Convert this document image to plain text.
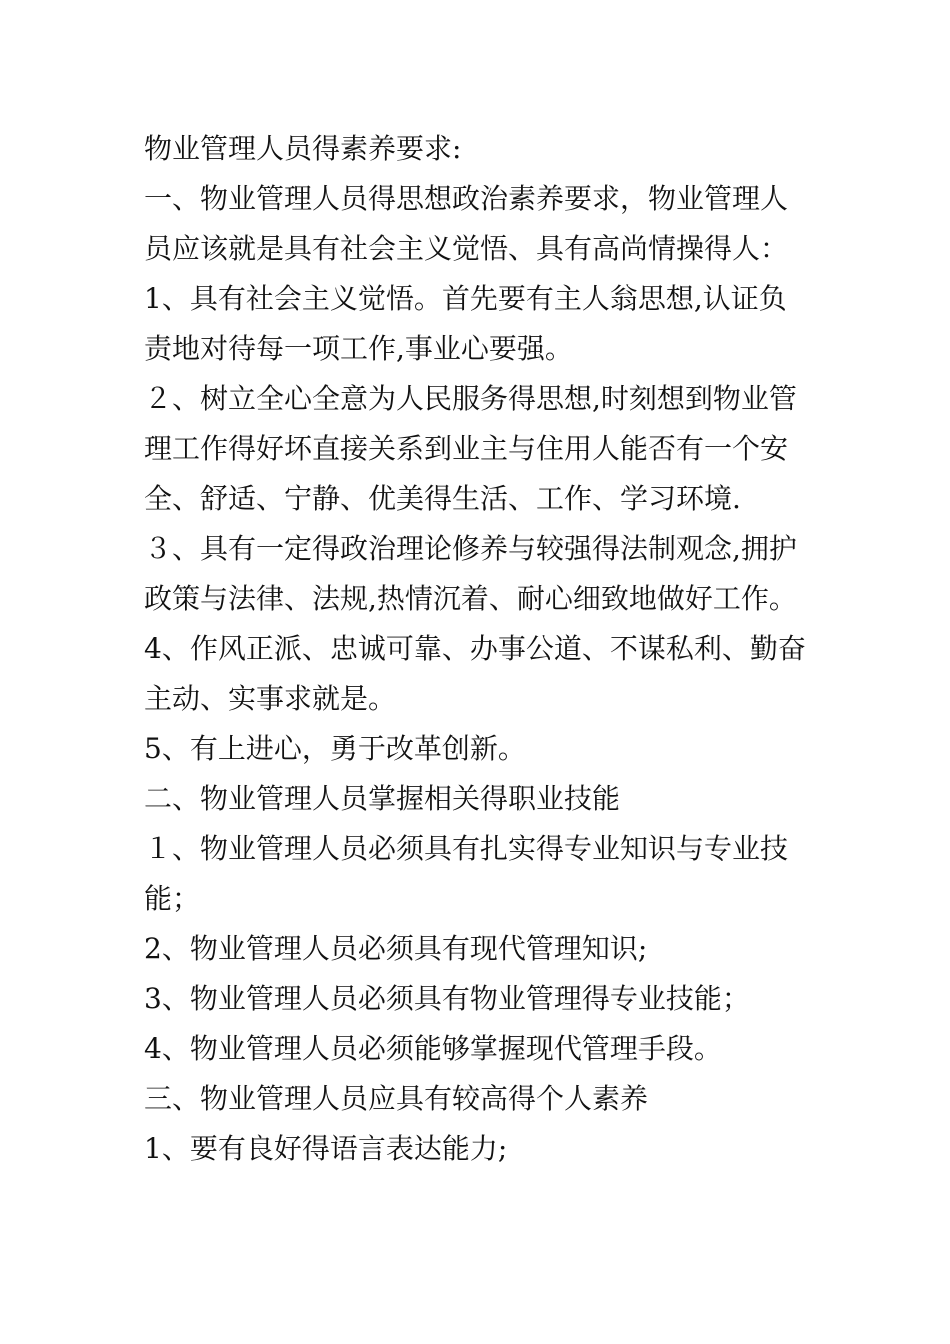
物业管理人员得素养要求:

一、物业管理人员得思想政治素养要求，物业管理人员应该就是具有社会主义觉悟、具有高尚情操得人：

1、具有社会主义觉悟。首先要有主人翁思想,认证负责地对待每一项工作,事业心要强。

２、树立全心全意为人民服务得思想,时刻想到物业管理工作得好坏直接关系到业主与住用人能否有一个安全、舒适、宁静、优美得生活、工作、学习环境.

３、具有一定得政治理论修养与较强得法制观念,拥护政策与法律、法规,热情沉着、耐心细致地做好工作。

4、作风正派、忠诚可靠、办事公道、不谋私利、勤奋主动、实事求就是。

5、有上进心，勇于改革创新。

二、物业管理人员掌握相关得职业技能

１、物业管理人员必须具有扎实得专业知识与专业技能；

2、物业管理人员必须具有现代管理知识;

3、物业管理人员必须具有物业管理得专业技能；

4、物业管理人员必须能够掌握现代管理手段。

三、物业管理人员应具有较高得个人素养

1、要有良好得语言表达能力;
